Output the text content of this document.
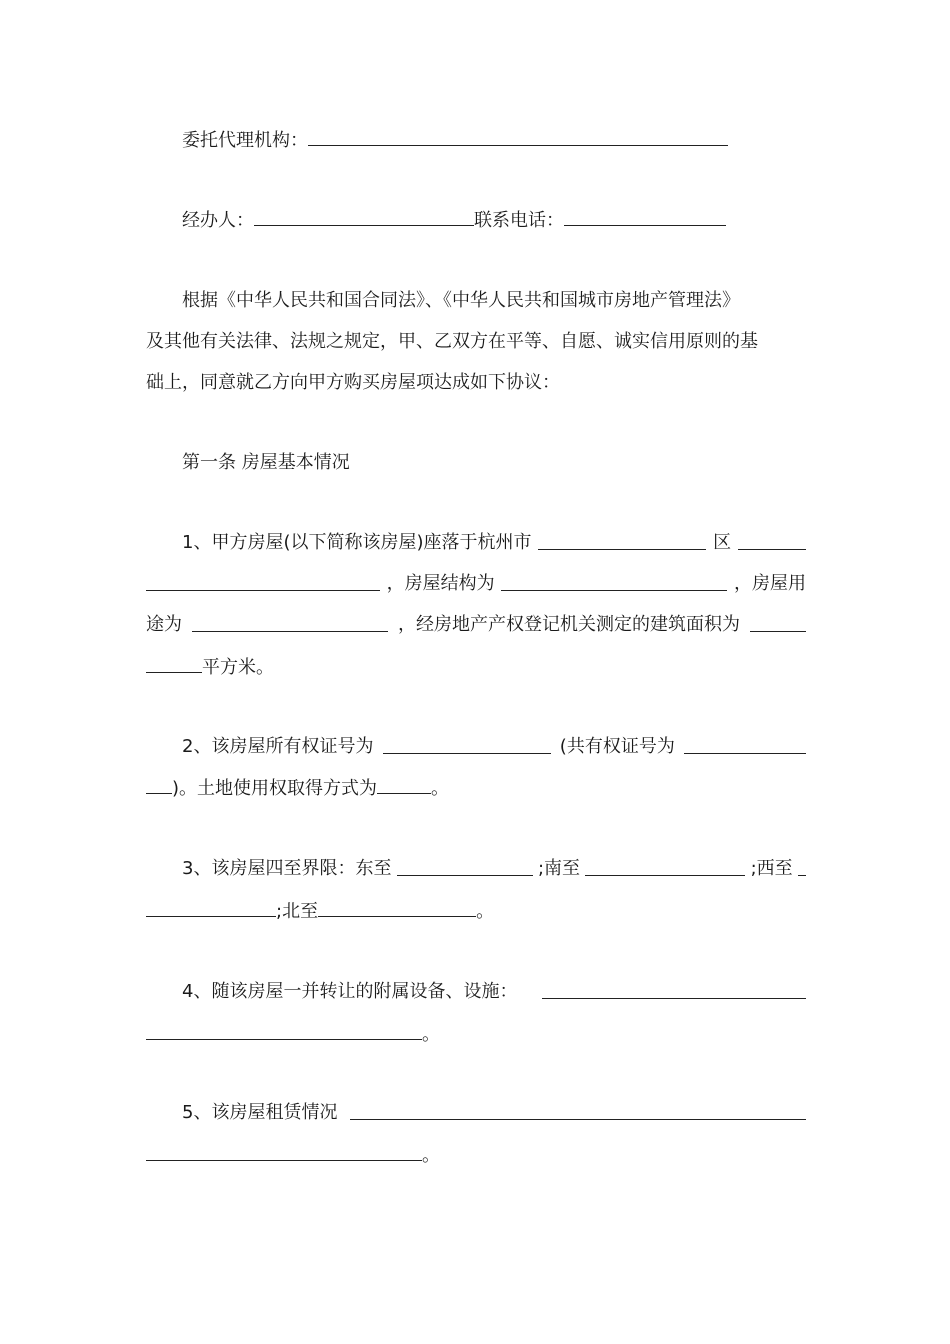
委托代理机构：
经办人：	联系电话：
根据《中华人民共和国合同法》、《中华人民共和国城市房地产管理法》
及其他有关法律、法规之规定，甲、乙双方在平等、自愿、诚实信用原则的基
础上，同意就乙方向甲方购买房屋项达成如下协议：
第一条 房屋基本情况
1、甲方房屋(以下简称该房屋)座落于杭州市	区
，房屋结构为	，房屋用
途为	，经房地产产权登记机关测定的建筑面积为
平方米。
2、该房屋所有权证号为	(共有权证号为
)。土地使用权取得方式为	。
3、该房屋四至界限：东至	;南至	;西至
;北至	。
4、随该房屋一并转让的附属设备、设施：
。
5、该房屋租赁情况
。
